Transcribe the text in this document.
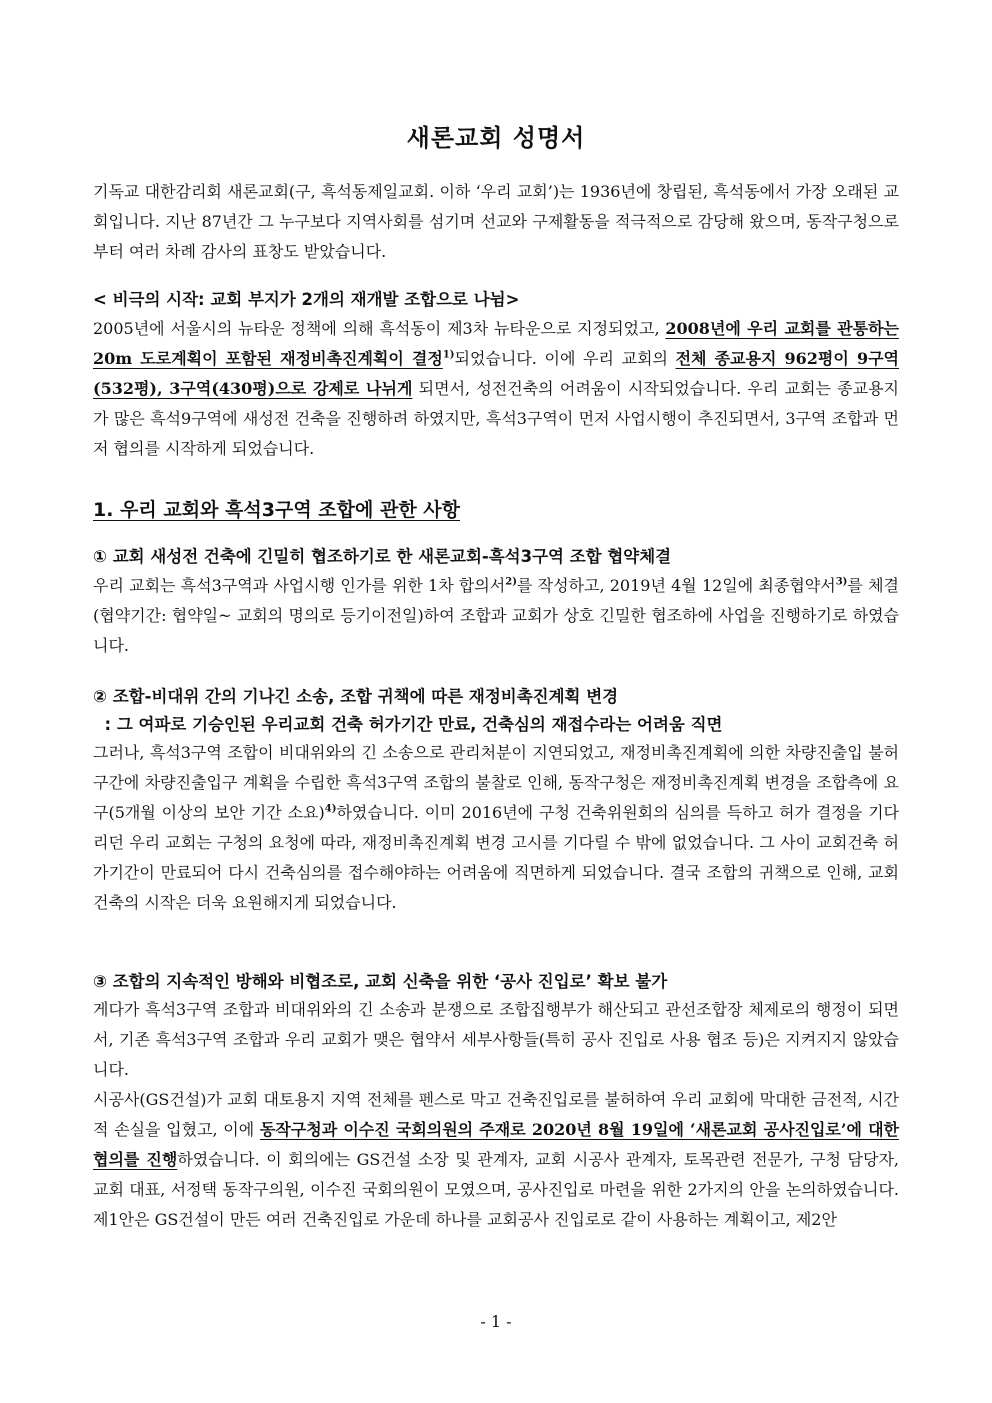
새론교회 성명서

기독교 대한감리회 새론교회(구, 흑석동제일교회. 이하 ‘우리 교회’)는 1936년에 창립된, 흑석동에서 가장 오래된 교회입니다. 지난 87년간 그 누구보다 지역사회를 섬기며 선교와 구제활동을 적극적으로 감당해 왔으며, 동작구청으로부터 여러 차례 감사의 표창도 받았습니다.

< 비극의 시작: 교회 부지가 2개의 재개발 조합으로 나뉨>

2005년에 서울시의 뉴타운 정책에 의해 흑석동이 제3차 뉴타운으로 지정되었고, 2008년에 우리 교회를 관통하는 20m 도로계획이 포함된 재정비촉진계획이 결정$^{1)}$되었습니다. 이에 우리 교회의 전체 종교용지 962평이 9구역(532평), 3구역(430평)으로 강제로 나뉘게 되면서, 성전건축의 어려움이 시작되었습니다. 우리 교회는 종교용지가 많은 흑석9구역에 새성전 건축을 진행하려 하였지만, 흑석3구역이 먼저 사업시행이 추진되면서, 3구역 조합과 먼저 협의를 시작하게 되었습니다.

1. 우리 교회와 흑석3구역 조합에 관한 사항
① 교회 새성전 건축에 긴밀히 협조하기로 한 새론교회-흑석3구역 조합 협약체결

우리 교회는 흑석3구역과 사업시행 인가를 위한 1차 합의서$^{2)}$를 작성하고, 2019년 4월 12일에 최종협약서$^{3)}$를 체결(협약기간: 협약일~ 교회의 명의로 등기이전일)하여 조합과 교회가 상호 긴밀한 협조하에 사업을 진행하기로 하였습니다.

② 조합-비대위 간의 기나긴 소송, 조합 귀책에 따른 재정비촉진계획 변경
: 그 여파로 기승인된 우리교회 건축 허가기간 만료, 건축심의 재접수라는 어려움 직면

그러나, 흑석3구역 조합이 비대위와의 긴 소송으로 관리처분이 지연되었고, 재정비촉진계획에 의한 차량진출입 불허구간에 차량진출입구 계획을 수립한 흑석3구역 조합의 불찰로 인해, 동작구청은 재정비촉진계획 변경을 조합측에 요구(5개월 이상의 보안 기간 소요)$^{4)}$하였습니다. 이미 2016년에 구청 건축위원회의 심의를 득하고 허가 결정을 기다리던 우리 교회는 구청의 요청에 따라, 재정비촉진계획 변경 고시를 기다릴 수 밖에 없었습니다. 그 사이 교회건축 허가기간이 만료되어 다시 건축심의를 접수해야하는 어려움에 직면하게 되었습니다. 결국 조합의 귀책으로 인해, 교회건축의 시작은 더욱 요원해지게 되었습니다.

③ 조합의 지속적인 방해와 비협조로, 교회 신축을 위한 ‘공사 진입로’ 확보 불가

게다가 흑석3구역 조합과 비대위와의 긴 소송과 분쟁으로 조합집행부가 해산되고 관선조합장 체제로의 행정이 되면서, 기존 흑석3구역 조합과 우리 교회가 맺은 협약서 세부사항들(특히 공사 진입로 사용 협조 등)은 지켜지지 않았습니다.

시공사(GS건설)가 교회 대토용지 지역 전체를 펜스로 막고 건축진입로를 불허하여 우리 교회에 막대한 금전적, 시간적 손실을 입혔고, 이에 동작구청과 이수진 국회의원의 주재로 2020년 8월 19일에 ‘새론교회 공사진입로’에 대한 협의를 진행하였습니다. 이 회의에는 GS건설 소장 및 관계자, 교회 시공사 관계자, 토목관련 전문가, 구청 담당자, 교회 대표, 서정택 동작구의원, 이수진 국회의원이 모였으며, 공사진입로 마련을 위한 2가지의 안을 논의하였습니다. 제1안은 GS건설이 만든 여러 건축진입로 가운데 하나를 교회공사 진입로로 같이 사용하는 계획이고, 제2안

- 1 -
